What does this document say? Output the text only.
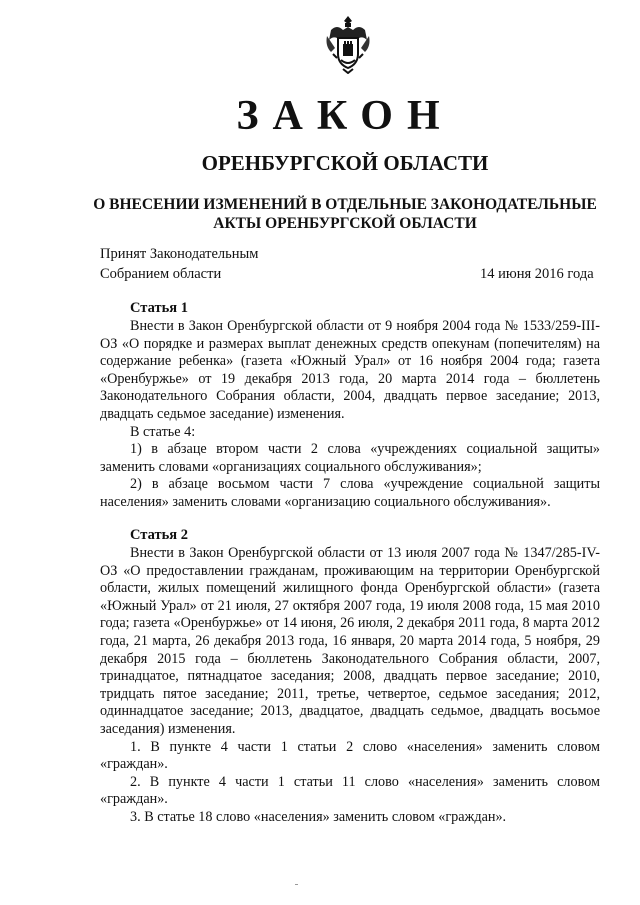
ЗАКОН
ОРЕНБУРГСКОЙ ОБЛАСТИ
О ВНЕСЕНИИ ИЗМЕНЕНИЙ В ОТДЕЛЬНЫЕ ЗАКОНОДАТЕЛЬНЫЕ
АКТЫ ОРЕНБУРГСКОЙ ОБЛАСТИ
Принят Законодательным
Собранием области	14 июня 2016 года
Статья 1

Внести в Закон Оренбургской области от 9 ноября 2004 года № 1533/259-III-ОЗ «О порядке и размерах выплат денежных средств опекунам (попечителям) на содержание ребенка» (газета «Южный Урал» от 16 ноября 2004 года; газета «Оренбуржье» от 19 декабря 2013 года, 20 марта 2014 года – бюллетень Законодательного Собрания области, 2004, двадцать первое заседание; 2013, двадцать седьмое заседание) изменения.

В статье 4:

1) в абзаце втором части 2 слова «учреждениях социальной защиты» заменить словами «организациях социального обслуживания»;

2) в абзаце восьмом части 7 слова «учреждение социальной защиты населения» заменить словами «организацию социального обслуживания».

Статья 2

Внести в Закон Оренбургской области от 13 июля 2007 года № 1347/285-IV-ОЗ «О предоставлении гражданам, проживающим на территории Оренбургской области, жилых помещений жилищного фонда Оренбургской области» (газета «Южный Урал» от 21 июля, 27 октября 2007 года, 19 июля 2008 года, 15 мая 2010 года; газета «Оренбуржье» от 14 июня, 26 июля, 2 декабря 2011 года, 8 марта 2012 года, 21 марта, 26 декабря 2013 года, 16 января, 20 марта 2014 года, 5 ноября, 29 декабря 2015 года – бюллетень Законодательного Собрания области, 2007, тринадцатое, пятнадцатое заседания; 2008, двадцать первое заседание; 2010, тридцать пятое заседание; 2011, третье, четвертое, седьмое заседания; 2012, одиннадцатое заседание; 2013, двадцатое, двадцать седьмое, двадцать восьмое заседания) изменения.

1. В пункте 4 части 1 статьи 2 слово «населения» заменить словом «граждан».

2. В пункте 4 части 1 статьи 11 слово «населения» заменить словом «граждан».

3. В статье 18 слово «населения» заменить словом «граждан».
